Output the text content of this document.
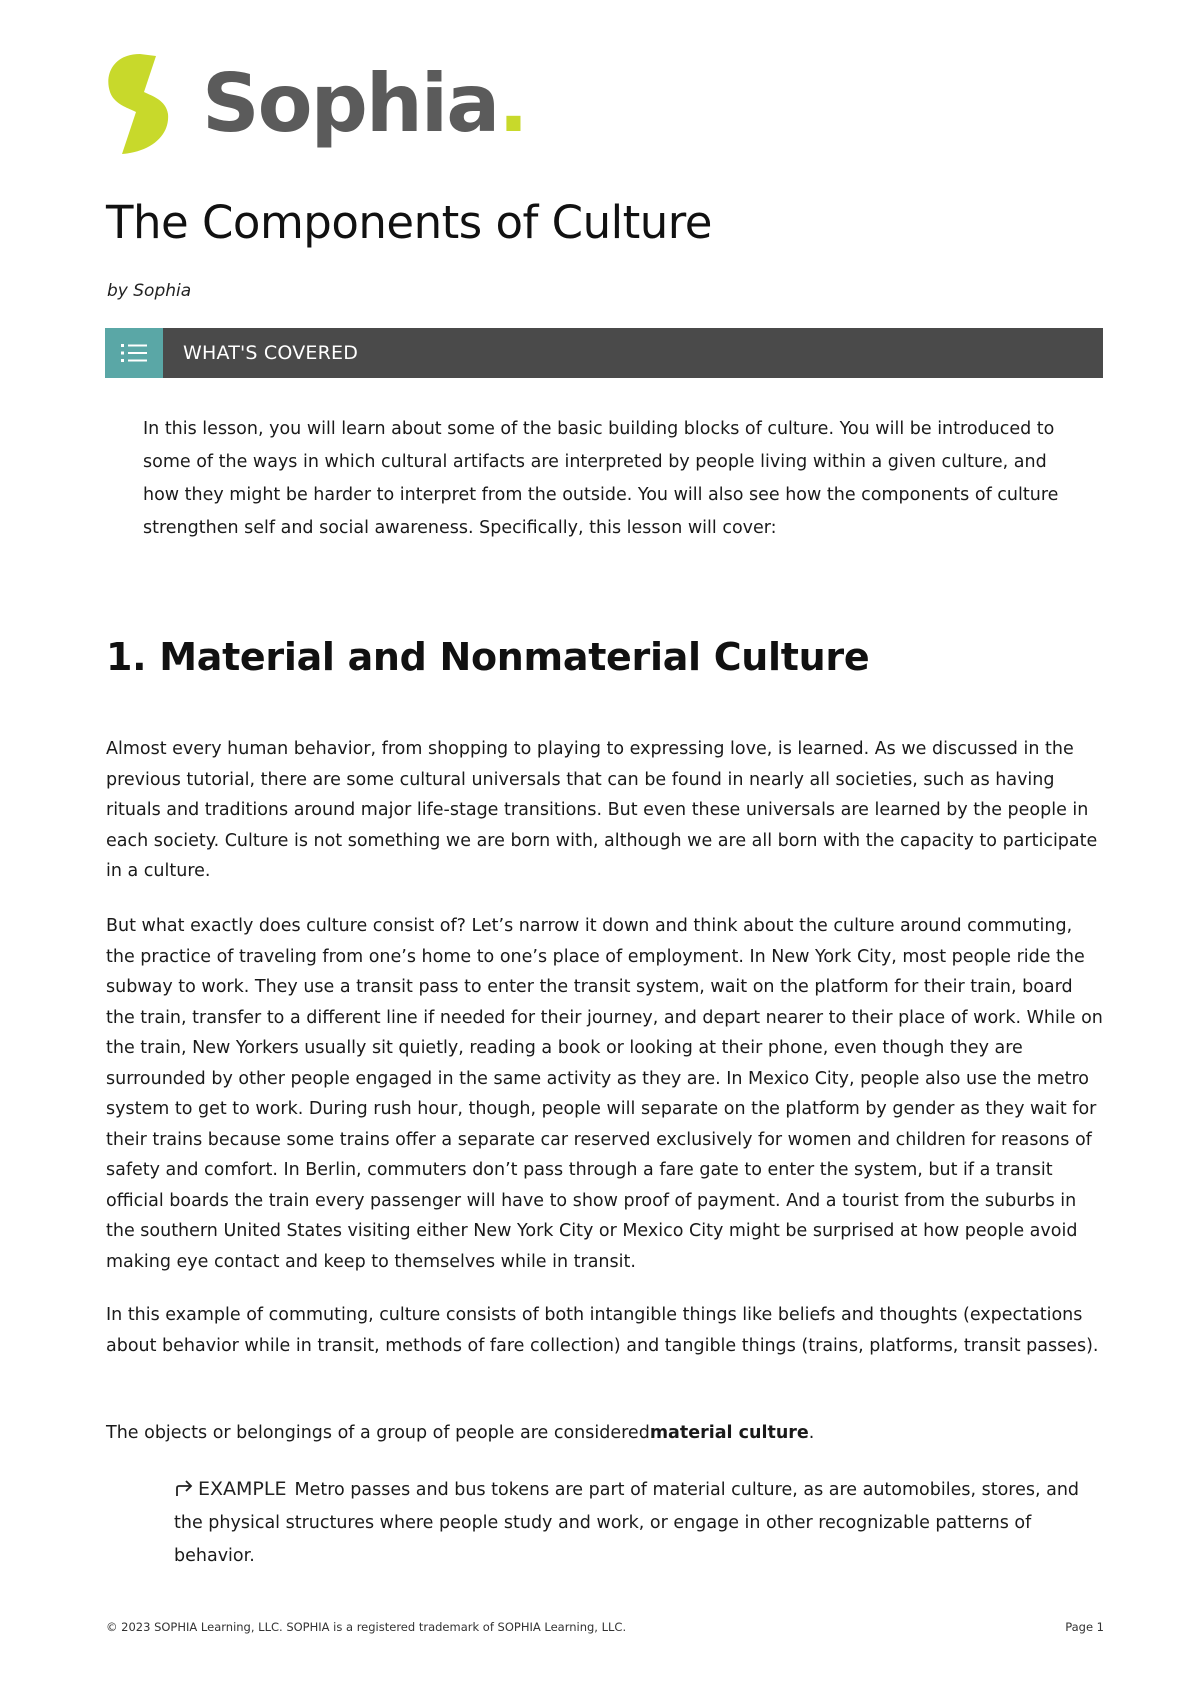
Sophia.
The Components of Culture
by Sophia
WHAT'S COVERED

In this lesson, you will learn about some of the basic building blocks of culture. You will be introduced to some of the ways in which cultural artifacts are interpreted by people living within a given culture, and how they might be harder to interpret from the outside. You will also see how the components of culture strengthen self and social awareness. Specifically, this lesson will cover:

1. Material and Nonmaterial Culture

Almost every human behavior, from shopping to playing to expressing love, is learned. As we discussed in the previous tutorial, there are some cultural universals that can be found in nearly all societies, such as having rituals and traditions around major life-stage transitions. But even these universals are learned by the people in each society. Culture is not something we are born with, although we are all born with the capacity to participate in a culture.

But what exactly does culture consist of? Let’s narrow it down and think about the culture around commuting, the practice of traveling from one’s home to one’s place of employment. In New York City, most people ride the subway to work. They use a transit pass to enter the transit system, wait on the platform for their train, board the train, transfer to a different line if needed for their journey, and depart nearer to their place of work. While on the train, New Yorkers usually sit quietly, reading a book or looking at their phone, even though they are surrounded by other people engaged in the same activity as they are. In Mexico City, people also use the metro system to get to work. During rush hour, though, people will separate on the platform by gender as they wait for their trains because some trains offer a separate car reserved exclusively for women and children for reasons of safety and comfort. In Berlin, commuters don’t pass through a fare gate to enter the system, but if a transit official boards the train every passenger will have to show proof of payment. And a tourist from the suburbs in the southern United States visiting either New York City or Mexico City might be surprised at how people avoid making eye contact and keep to themselves while in transit.

In this example of commuting, culture consists of both intangible things like beliefs and thoughts (expectations about behavior while in transit, methods of fare collection) and tangible things (trains, platforms, transit passes).

The objects or belongings of a group of people are consideredmaterial culture.

EXAMPLE Metro passes and bus tokens are part of material culture, as are automobiles, stores, and the physical structures where people study and work, or engage in other recognizable patterns of behavior.

© 2023 SOPHIA Learning, LLC. SOPHIA is a registered trademark of SOPHIA Learning, LLC.	Page 1
